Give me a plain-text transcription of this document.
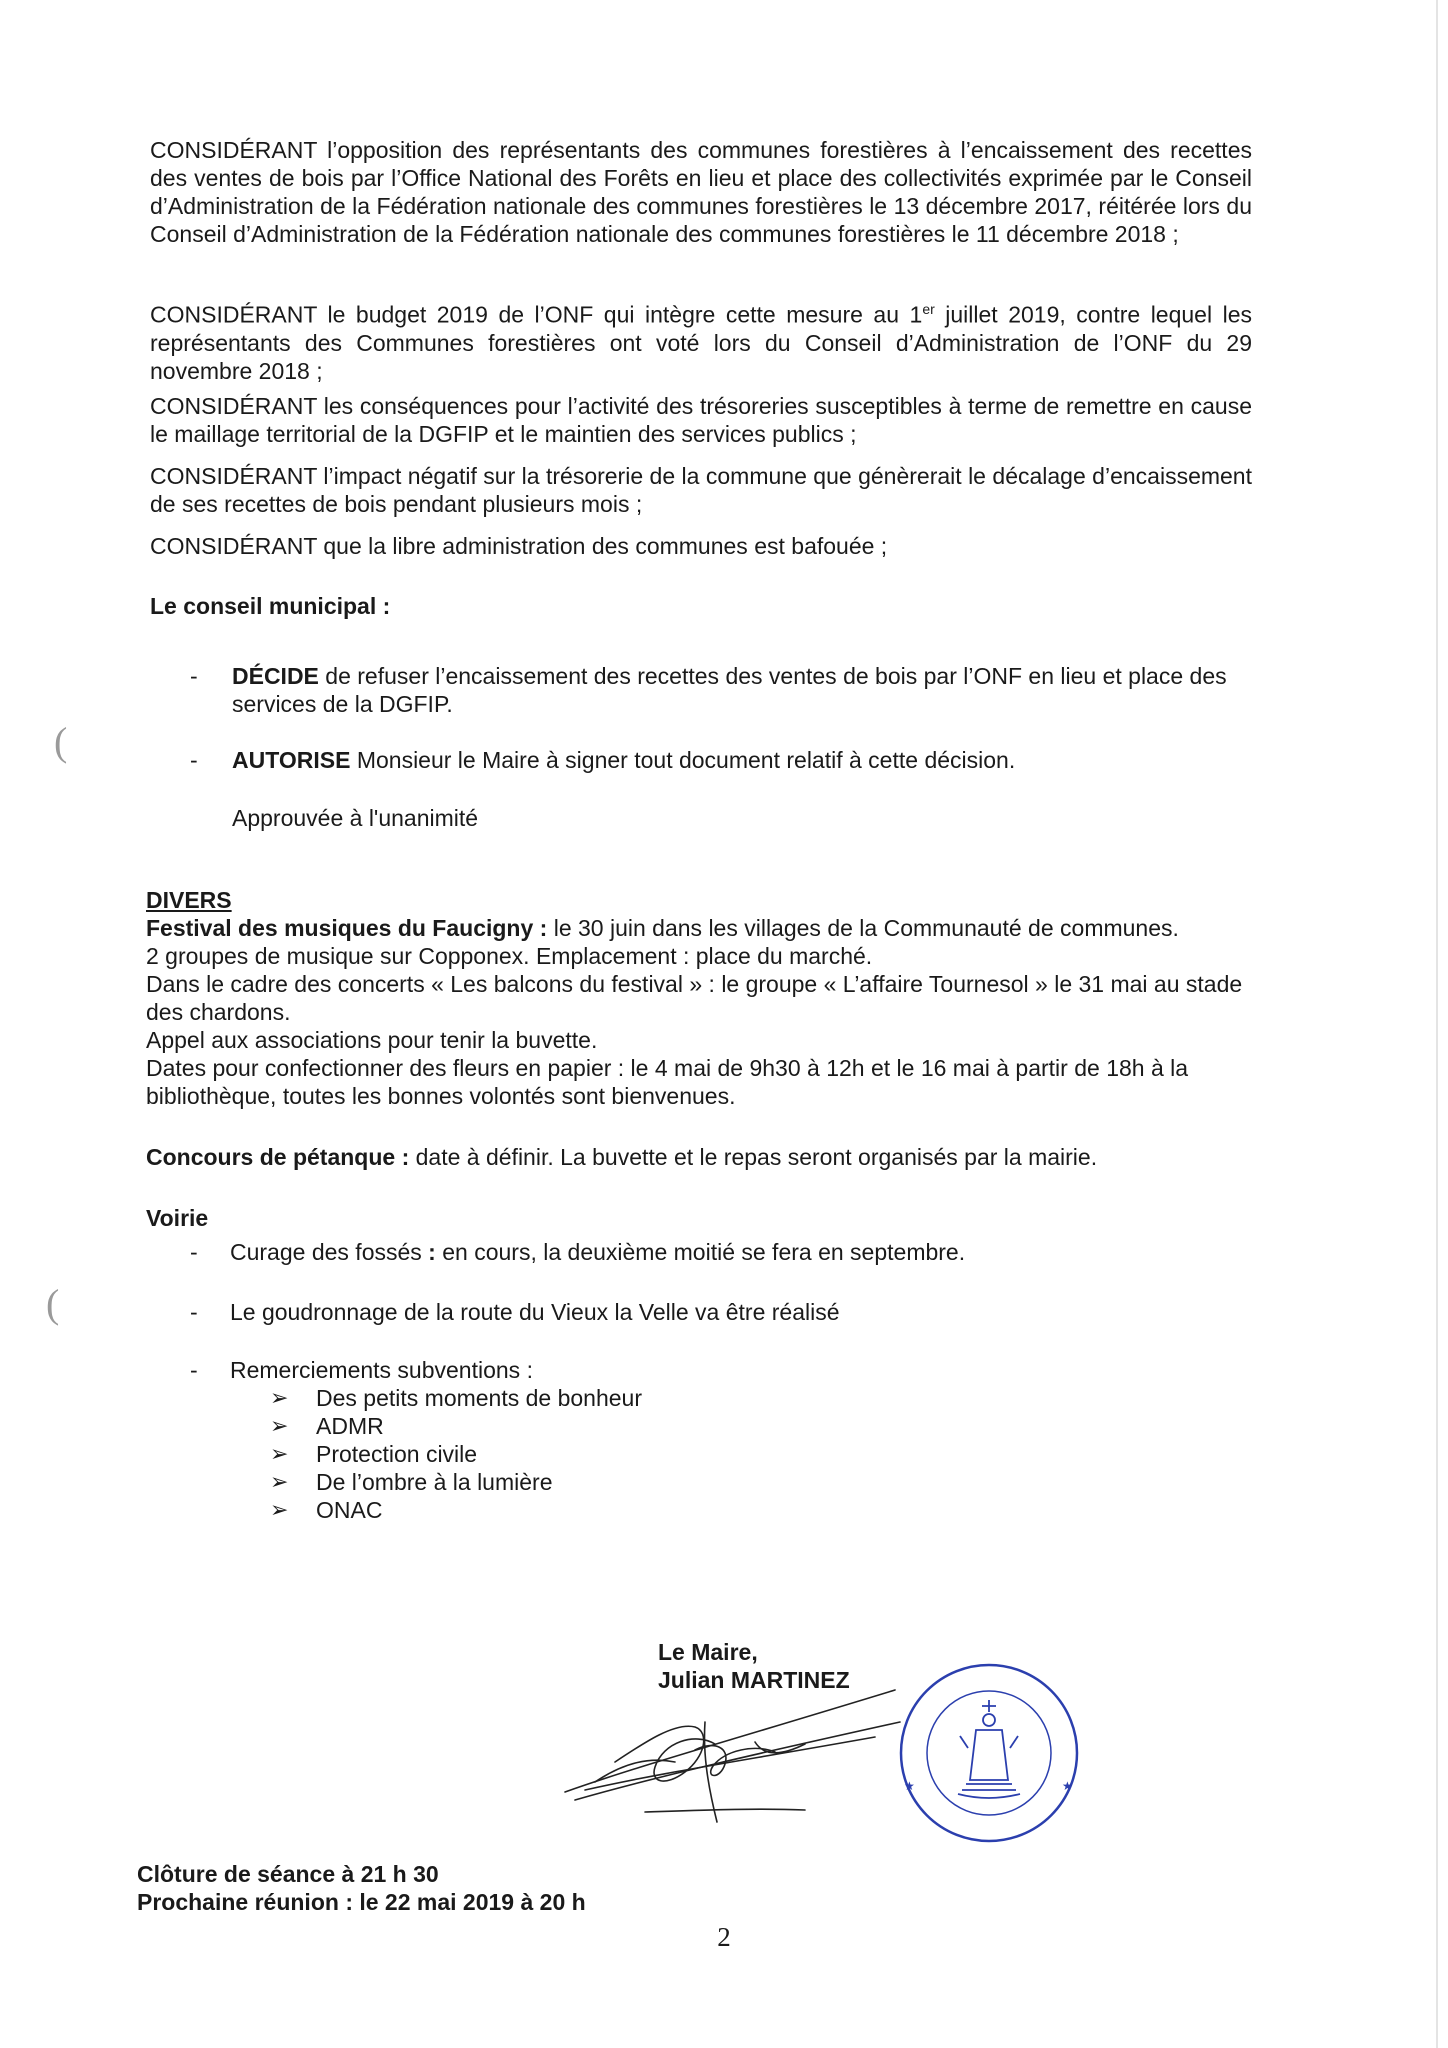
CONSIDÉRANT l’opposition des représentants des communes forestières à l’encaissement des recettes des ventes de bois par l’Office National des Forêts en lieu et place des collectivités exprimée par le Conseil d’Administration de la Fédération nationale des communes forestières le 13 décembre 2017, réitérée lors du Conseil d’Administration de la Fédération nationale des communes forestières le 11 décembre 2018 ;
CONSIDÉRANT le budget 2019 de l’ONF qui intègre cette mesure au 1er juillet 2019, contre lequel les représentants des Communes forestières ont voté lors du Conseil d’Administration de l’ONF du 29 novembre 2018 ;
CONSIDÉRANT les conséquences pour l’activité des trésoreries susceptibles à terme de remettre en cause le maillage territorial de la DGFIP et le maintien des services publics ;
CONSIDÉRANT l’impact négatif sur la trésorerie de la commune que génèrerait le décalage d’encaissement de ses recettes de bois pendant plusieurs mois ;
CONSIDÉRANT que la libre administration des communes est bafouée ;
Le conseil municipal :
- DÉCIDE de refuser l’encaissement des recettes des ventes de bois par l’ONF en lieu et place des services de la DGFIP.
- AUTORISE Monsieur le Maire à signer tout document relatif à cette décision.
Approuvée à l'unanimité
DIVERS
Festival des musiques du Faucigny : le 30 juin dans les villages de la Communauté de communes.
2 groupes de musique sur Copponex. Emplacement : place du marché.
Dans le cadre des concerts « Les balcons du festival » : le groupe « L’affaire Tournesol » le 31 mai au stade des chardons.
Appel aux associations pour tenir la buvette.
Dates pour confectionner des fleurs en papier : le 4 mai de 9h30 à 12h et le 16 mai à partir de 18h à la bibliothèque, toutes les bonnes volontés sont bienvenues.
Concours de pétanque : date à définir. La buvette et le repas seront organisés par la mairie.
Voirie
- Curage des fossés : en cours, la deuxième moitié se fera en septembre.
- Le goudronnage de la route du Vieux la Velle va être réalisé
- Remerciements subventions :
➢ Des petits moments de bonheur
➢ ADMR
➢ Protection civile
➢ De l’ombre à la lumière
➢ ONAC
Le Maire,
Julian MARTINEZ
★	★
Clôture de séance à 21 h 30
Prochaine réunion : le 22 mai 2019 à 20 h
2
(
(
